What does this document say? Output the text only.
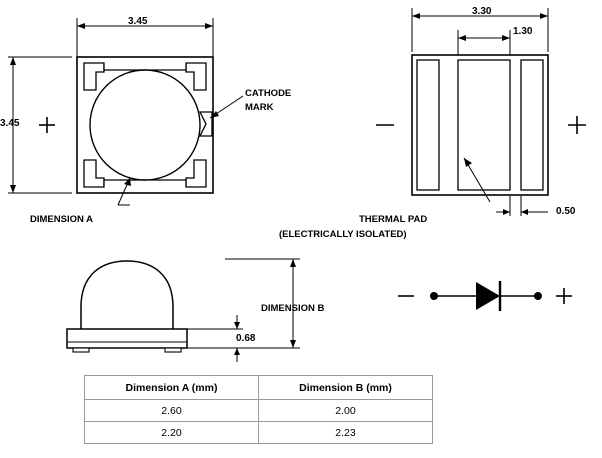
3.45
3.45
CATHODE
MARK
DIMENSION A
3.30
1.30
0.50
THERMAL PAD
(ELECTRICALLY ISOLATED)
DIMENSION B
0.68
Dimension A (mm)	Dimension B (mm)
2.60	2.00
2.20	2.23
